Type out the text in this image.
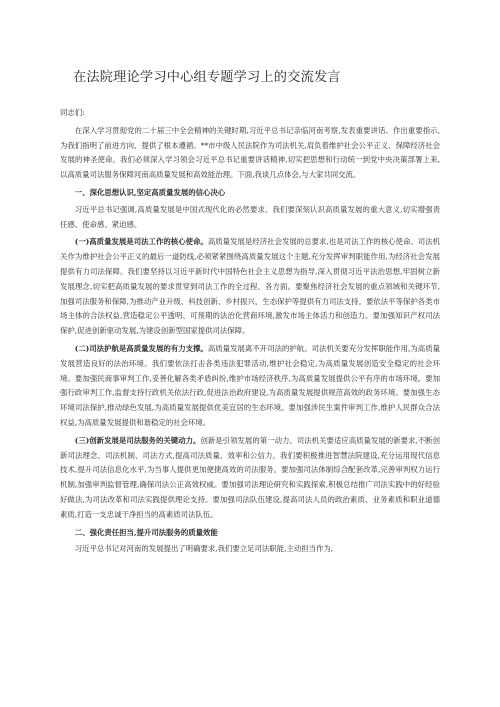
在法院理论学习中心组专题学习上的交流发言
同志们:

在深入学习贯彻党的二十届三中全会精神的关键时期,习近平总书记亲临河南考察,发表重要讲话、作出重要指示,为我们指明了前进方向、提供了根本遵循。**市中级人民法院作为司法机关,肩负着维护社会公平正义、保障经济社会发展的神圣使命。我们必须深入学习领会习近平总书记重要讲话精神,切实把思想和行动统一到党中央决策部署上来,以高质量司法服务保障河南高质量发展和高效能治理。下面,我谈几点体会,与大家共同交流。

一、深化思想认识,坚定高质量发展的信心决心

习近平总书记强调,高质量发展是中国式现代化的必然要求。我们要深刻认识高质量发展的重大意义,切实增强责任感、使命感、紧迫感。

(一)高质量发展是司法工作的核心使命。高质量发展是经济社会发展的总要求,也是司法工作的核心使命。司法机关作为维护社会公平正义的最后一道防线,必须紧紧围绕高质量发展这个主题,充分发挥审判职能作用,为经济社会发展提供有力司法保障。我们要坚持以习近平新时代中国特色社会主义思想为指导,深入贯彻习近平法治思想,牢固树立新发展理念,切实把高质量发展的要求贯穿到司法工作的全过程、各方面。要聚焦经济社会发展的重点领域和关键环节,加强司法服务和保障,为推动产业升级、科技创新、乡村振兴、生态保护等提供有力司法支持。要依法平等保护各类市场主体的合法权益,营造稳定公平透明、可预期的法治化营商环境,激发市场主体活力和创造力。要加强知识产权司法保护,促进创新驱动发展,为建设创新型国家提供司法保障。

(二)司法护航是高质量发展的有力支撑。高质量发展离不开司法的护航。司法机关要充分发挥职能作用,为高质量发展营造良好的法治环境。我们要依法打击各类违法犯罪活动,维护社会稳定,为高质量发展创造安全稳定的社会环境。要加强民商事审判工作,妥善化解各类矛盾纠纷,维护市场经济秩序,为高质量发展提供公平有序的市场环境。要加强行政审判工作,监督支持行政机关依法行政,促进法治政府建设,为高质量发展提供规范高效的政务环境。要加强生态环境司法保护,推动绿色发展,为高质量发展提供优美宜居的生态环境。要加强涉民生案件审判工作,维护人民群众合法权益,为高质量发展提供和谐稳定的社会环境。

(三)创新发展是司法服务的关键动力。创新是引领发展的第一动力。司法机关要适应高质量发展的新要求,不断创新司法理念、司法机制、司法方式,提高司法质量、效率和公信力。我们要积极推进智慧法院建设,充分运用现代信息技术,提升司法信息化水平,为当事人提供更加便捷高效的司法服务。要加强司法体制综合配套改革,完善审判权力运行机制,加强审判监督管理,确保司法公正高效权威。要加强司法理论研究和实践探索,积极总结推广司法实践中的好经验好做法,为司法改革和司法实践提供理论支持。要加强司法队伍建设,提高司法人员的政治素质、业务素质和职业道德素质,打造一支忠诚干净担当的高素质司法队伍。

二、强化责任担当,提升司法服务的质量效能

习近平总书记对河南的发展提出了明确要求,我们要立足司法职能,主动担当作为,
